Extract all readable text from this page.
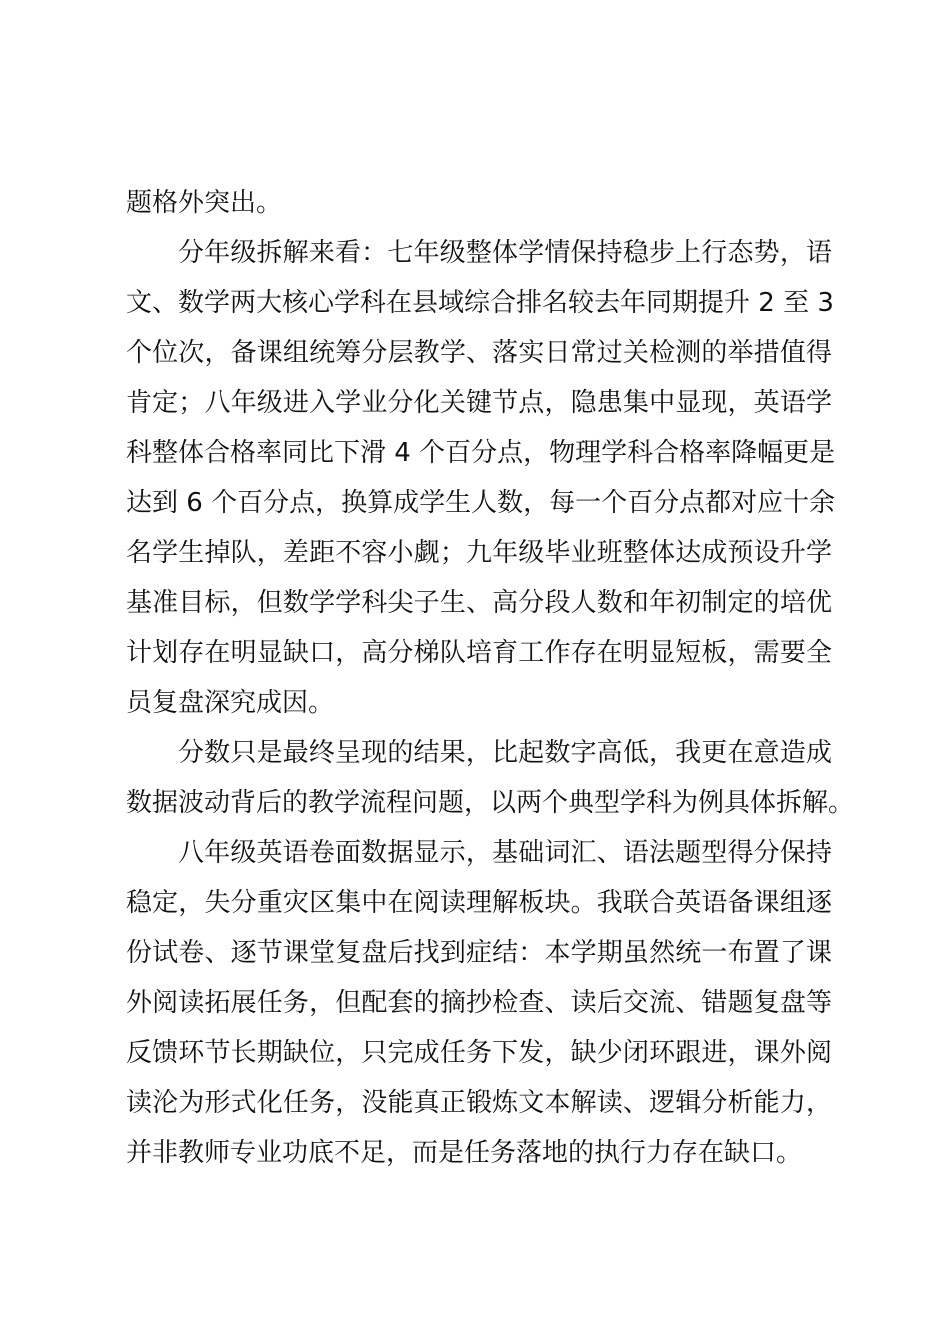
题格外突出。
分年级拆解来看：七年级整体学情保持稳步上行态势，语
文、数学两大核心学科在县域综合排名较去年同期提升 2 至 3
个位次，备课组统筹分层教学、落实日常过关检测的举措值得
肯定；八年级进入学业分化关键节点，隐患集中显现，英语学
科整体合格率同比下滑 4 个百分点，物理学科合格率降幅更是
达到 6 个百分点，换算成学生人数，每一个百分点都对应十余
名学生掉队，差距不容小觑；九年级毕业班整体达成预设升学
基准目标，但数学学科尖子生、高分段人数和年初制定的培优
计划存在明显缺口，高分梯队培育工作存在明显短板，需要全
员复盘深究成因。
分数只是最终呈现的结果，比起数字高低，我更在意造成
数据波动背后的教学流程问题，以两个典型学科为例具体拆解。
八年级英语卷面数据显示，基础词汇、语法题型得分保持
稳定，失分重灾区集中在阅读理解板块。我联合英语备课组逐
份试卷、逐节课堂复盘后找到症结：本学期虽然统一布置了课
外阅读拓展任务，但配套的摘抄检查、读后交流、错题复盘等
反馈环节长期缺位，只完成任务下发，缺少闭环跟进，课外阅
读沦为形式化任务，没能真正锻炼文本解读、逻辑分析能力，
并非教师专业功底不足，而是任务落地的执行力存在缺口。
